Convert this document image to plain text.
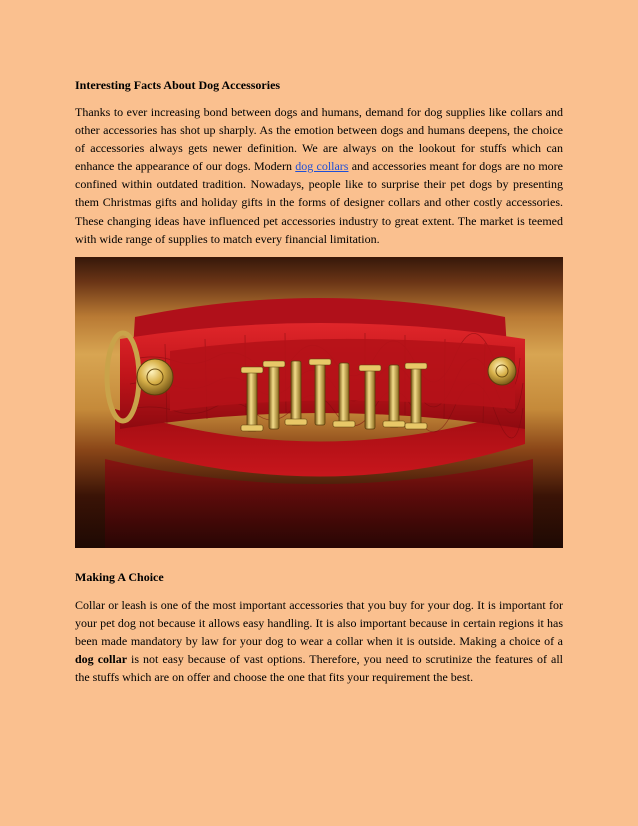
Interesting Facts About Dog Accessories

Thanks to ever increasing bond between dogs and humans, demand for dog supplies like collars and other accessories has shot up sharply. As the emotion between dogs and humans deepens, the choice of accessories always gets newer definition. We are always on the lookout for stuffs which can enhance the appearance of our dogs. Modern dog collars and accessories meant for dogs are no more confined within outdated tradition. Nowadays, people like to surprise their pet dogs by presenting them Christmas gifts and holiday gifts in the forms of designer collars and other costly accessories. These changing ideas have influenced pet accessories industry to great extent. The market is teemed with wide range of supplies to match every financial limitation.

Making A Choice

Collar or leash is one of the most important accessories that you buy for your dog. It is important for your pet dog not because it allows easy handling. It is also important because in certain regions it has been made mandatory by law for your dog to wear a collar when it is outside. Making a choice of a dog collar is not easy because of vast options. Therefore, you need to scrutinize the features of all the stuffs which are on offer and choose the one that fits your requirement the best.
